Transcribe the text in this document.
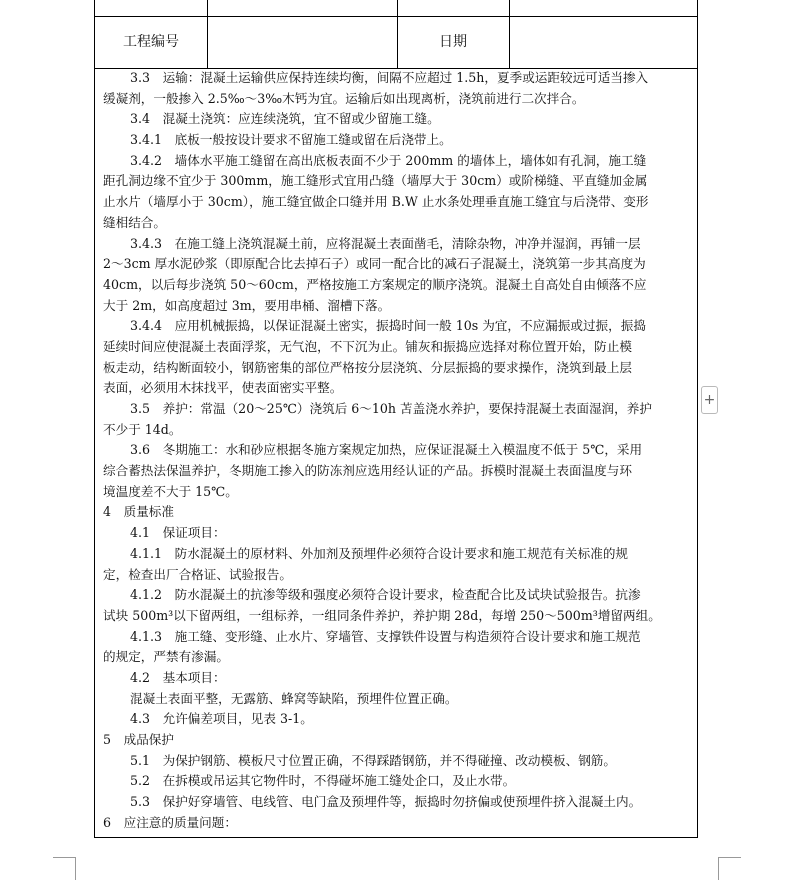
工程编号	日期
3.3　运输：混凝土运输供应保持连续均衡，间隔不应超过 1.5h，夏季或运距较远可适当掺入
缓凝剂，一般掺入 2.5‰～3‰木钙为宜。运输后如出现离析，浇筑前进行二次拌合。
3.4　混凝土浇筑：应连续浇筑，宜不留或少留施工缝。
3.4.1　底板一般按设计要求不留施工缝或留在后浇带上。
3.4.2　墙体水平施工缝留在高出底板表面不少于 200mm 的墙体上，墙体如有孔洞，施工缝
距孔洞边缘不宜少于 300mm，施工缝形式宜用凸缝（墙厚大于 30cm）或阶梯缝、平直缝加金属
止水片（墙厚小于 30cm），施工缝宜做企口缝并用 B.W 止水条处理垂直施工缝宜与后浇带、变形
缝相结合。
3.4.3　在施工缝上浇筑混凝土前，应将混凝土表面凿毛，清除杂物，冲净并湿润，再铺一层
2～3cm 厚水泥砂浆（即原配合比去掉石子）或同一配合比的减石子混凝土，浇筑第一步其高度为
40cm，以后每步浇筑 50～60cm，严格按施工方案规定的顺序浇筑。混凝土自高处自由倾落不应
大于 2m，如高度超过 3m，要用串桶、溜槽下落。
3.4.4　应用机械振捣，以保证混凝土密实，振捣时间一般 10s 为宜，不应漏振或过振，振捣
延续时间应使混凝土表面浮浆，无气泡，不下沉为止。铺灰和振捣应选择对称位置开始，防止模
板走动，结构断面较小，钢筋密集的部位严格按分层浇筑、分层振捣的要求操作，浇筑到最上层
表面，必须用木抹找平，使表面密实平整。
3.5　养护：常温（20～25℃）浇筑后 6～10h 苫盖浇水养护，要保持混凝土表面湿润，养护
不少于 14d。
3.6　冬期施工：水和砂应根据冬施方案规定加热，应保证混凝土入模温度不低于 5℃，采用
综合蓄热法保温养护，冬期施工掺入的防冻剂应选用经认证的产品。拆模时混凝土表面温度与环
境温度差不大于 15℃。
4　质量标准
4.1　保证项目：
4.1.1　防水混凝土的原材料、外加剂及预埋件必须符合设计要求和施工规范有关标准的规
定，检查出厂合格证、试验报告。
4.1.2　防水混凝土的抗渗等级和强度必须符合设计要求，检查配合比及试块试验报告。抗渗
试块 500m³以下留两组，一组标养，一组同条件养护，养护期 28d，每增 250～500m³增留两组。
4.1.3　施工缝、变形缝、止水片、穿墙管、支撑铁件设置与构造须符合设计要求和施工规范
的规定，严禁有渗漏。
4.2　基本项目：
混凝土表面平整，无露筋、蜂窝等缺陷，预埋件位置正确。
4.3　允许偏差项目，见表 3-1。
5　成品保护
5.1　为保护钢筋、模板尺寸位置正确，不得踩踏钢筋，并不得碰撞、改动模板、钢筋。
5.2　在拆模或吊运其它物件时，不得碰坏施工缝处企口，及止水带。
5.3　保护好穿墙管、电线管、电门盒及预埋件等，振捣时勿挤偏或使预埋件挤入混凝土内。
6　应注意的质量问题：
+
